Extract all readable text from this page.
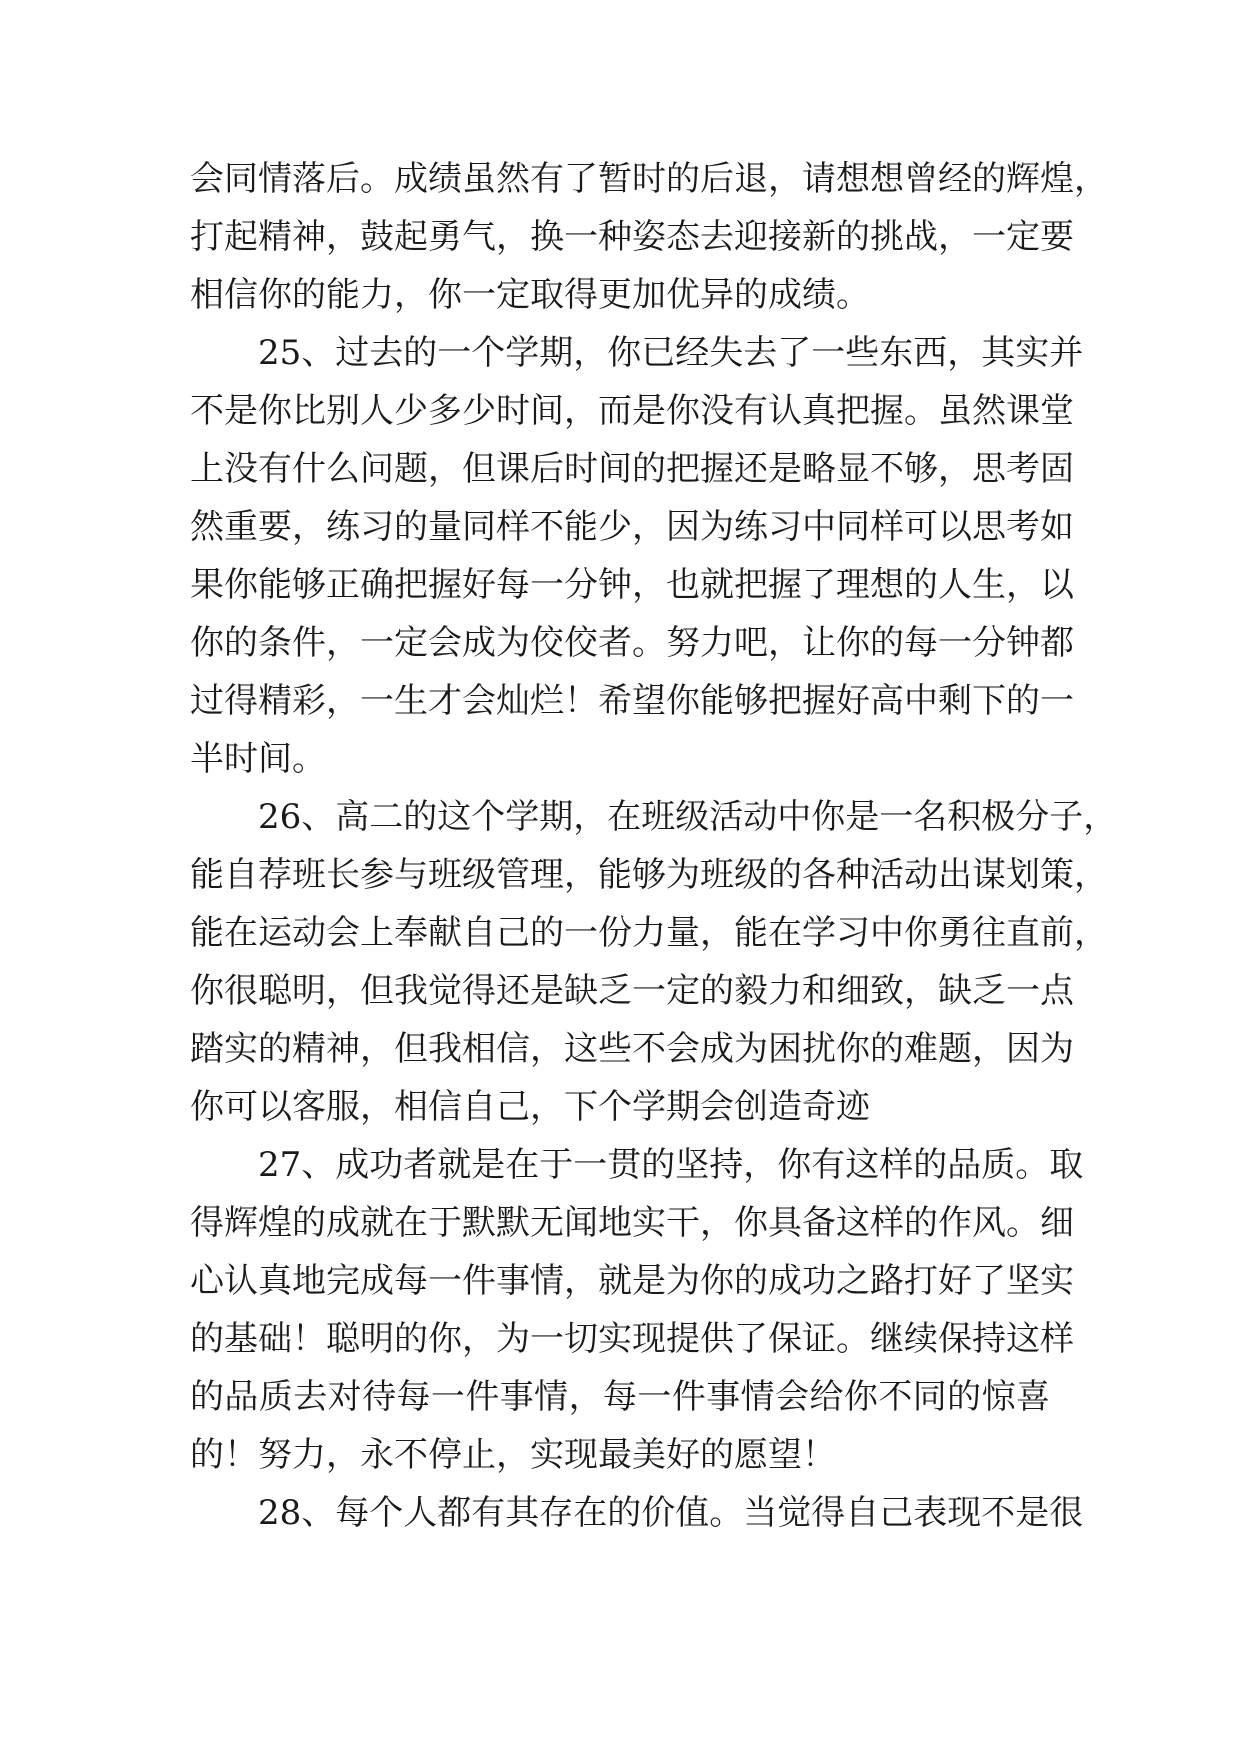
会同情落后。成绩虽然有了暂时的后退，请想想曾经的辉煌，
打起精神，鼓起勇气，换一种姿态去迎接新的挑战，一定要
相信你的能力，你一定取得更加优异的成绩。
　　25、过去的一个学期，你已经失去了一些东西，其实并
不是你比别人少多少时间，而是你没有认真把握。虽然课堂
上没有什么问题，但课后时间的把握还是略显不够，思考固
然重要，练习的量同样不能少，因为练习中同样可以思考如
果你能够正确把握好每一分钟，也就把握了理想的人生，以
你的条件，一定会成为佼佼者。努力吧，让你的每一分钟都
过得精彩，一生才会灿烂！希望你能够把握好高中剩下的一
半时间。
　　26、高二的这个学期，在班级活动中你是一名积极分子，
能自荐班长参与班级管理，能够为班级的各种活动出谋划策，
能在运动会上奉献自己的一份力量，能在学习中你勇往直前，
你很聪明，但我觉得还是缺乏一定的毅力和细致，缺乏一点
踏实的精神，但我相信，这些不会成为困扰你的难题，因为
你可以客服，相信自己，下个学期会创造奇迹
　　27、成功者就是在于一贯的坚持，你有这样的品质。取
得辉煌的成就在于默默无闻地实干，你具备这样的作风。细
心认真地完成每一件事情，就是为你的成功之路打好了坚实
的基础！聪明的你，为一切实现提供了保证。继续保持这样
的品质去对待每一件事情，每一件事情会给你不同的惊喜
的！努力，永不停止，实现最美好的愿望！
　　28、每个人都有其存在的价值。当觉得自己表现不是很
